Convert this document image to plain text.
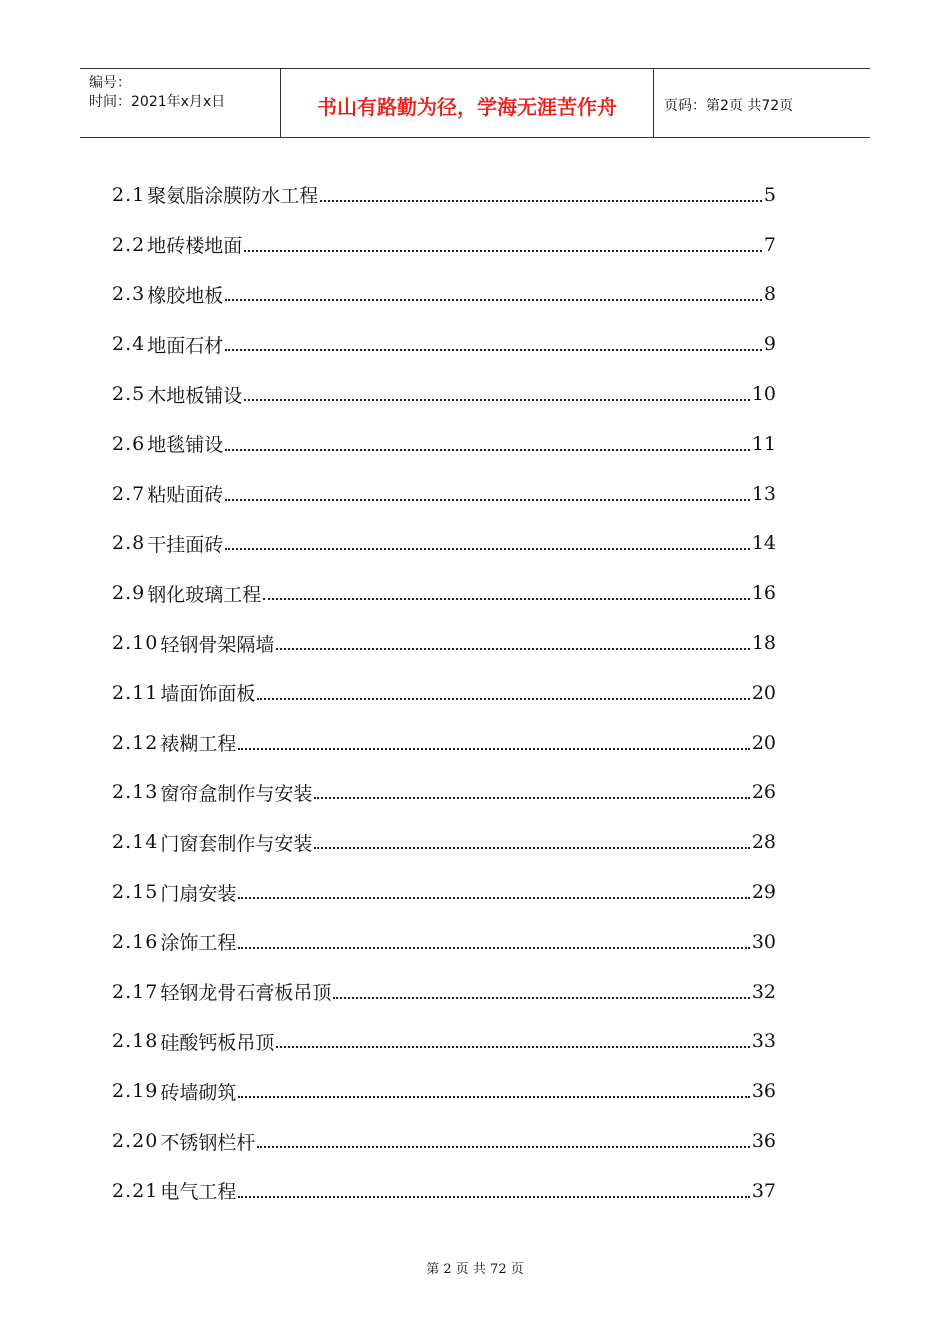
编号：
时间：2021年x月x日	书山有路勤为径，学海无涯苦作舟	页码：第2页 共72页
2.1 聚氨脂涂膜防水工程	5
2.2 地砖楼地面	7
2.3 橡胶地板	8
2.4 地面石材	9
2.5 木地板铺设	10
2.6 地毯铺设	11
2.7 粘贴面砖	13
2.8 干挂面砖	14
2.9 钢化玻璃工程	16
2.10 轻钢骨架隔墙	18
2.11 墙面饰面板	20
2.12 裱糊工程	20
2.13 窗帘盒制作与安装	26
2.14 门窗套制作与安装	28
2.15 门扇安装	29
2.16 涂饰工程	30
2.17 轻钢龙骨石膏板吊顶	32
2.18 硅酸钙板吊顶	33
2.19 砖墙砌筑	36
2.20 不锈钢栏杆	36
2.21 电气工程	37
第 2 页 共 72 页
